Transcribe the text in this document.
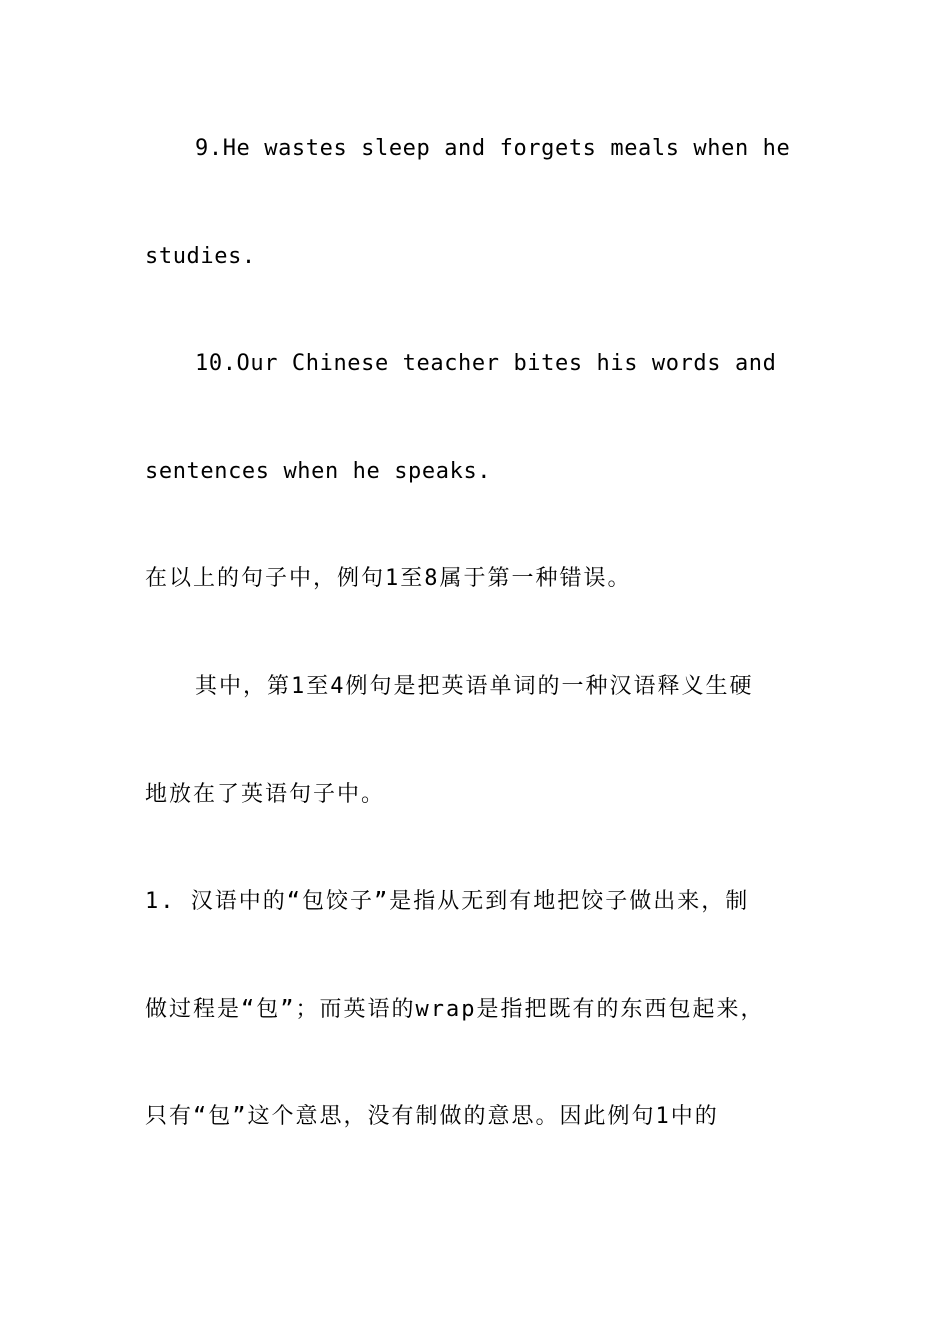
9.He wastes sleep and forgets meals when he
studies.
10.Our Chinese teacher bites his words and
sentences when he speaks.
在以上的句子中，例句1至8属于第一种错误。
其中，第1至4例句是把英语单词的一种汉语释义生硬
地放在了英语句子中。
1. 汉语中的“包饺子”是指从无到有地把饺子做出来，制
做过程是“包”；而英语的wrap是指把既有的东西包起来，
只有“包”这个意思，没有制做的意思。因此例句1中的
